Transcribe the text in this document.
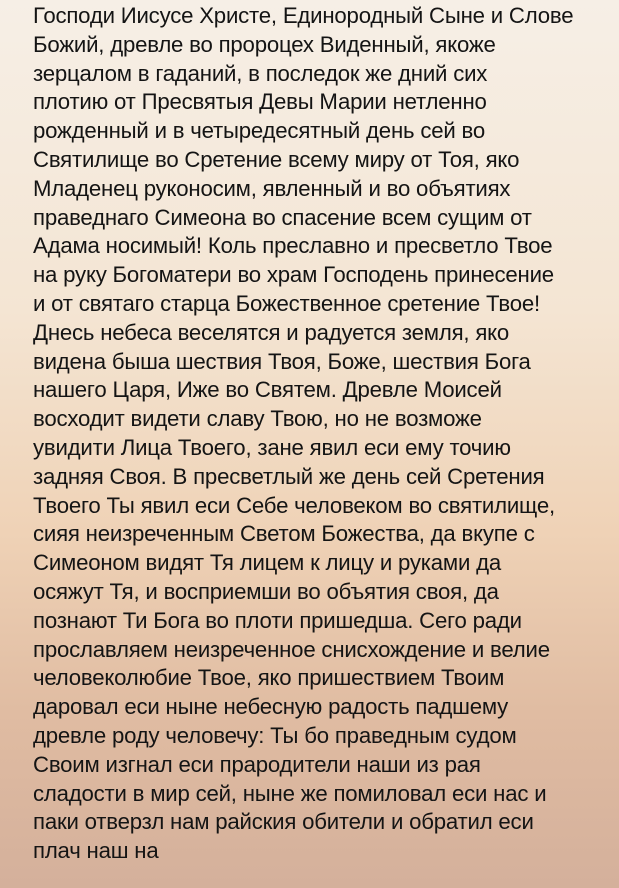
Господи Иисусе Христе, Единородный Сыне и Слове
Божий, древле во пророцех Виденный, якоже
зерцалом в гаданий, в последок же дний сих
плотию от Пресвятыя Девы Марии нетленно
рожденный и в четыредесятный день сей во
Святилище во Сретение всему миру от Тоя, яко
Младенец руконосим, явленный и во объятиях
праведнаго Симеона во спасение всем сущим от
Адама носимый! Коль преславно и пресветло Твое
на руку Богоматери во храм Господень принесение
и от святаго старца Божественное сретение Твое!
Днесь небеса веселятся и радуется земля, яко
видена быша шествия Твоя, Боже, шествия Бога
нашего Царя, Иже во Святем. Древле Моисей
восходит видети славу Твою, но не возможе
увидити Лица Твоего, зане явил еси ему точию
задняя Своя. В пресветлый же день сей Сретения
Твоего Ты явил еси Себе человеком во святилище,
сияя неизреченным Светом Божества, да вкупе с
Симеоном видят Тя лицем к лицу и руками да
осяжут Тя, и восприемши во объятия своя, да
познают Ти Бога во плоти пришедша. Сего ради
прославляем неизреченное снисхождение и велие
человеколюбие Твое, яко пришествием Твоим
даровал еси ныне небесную радость падшему
древле роду человечу: Ты бо праведным судом
Своим изгнал еси прародители наши из рая
сладости в мир сей, ныне же помиловал еси нас и
паки отверзл нам райския обители и обратил еси
плач наш на
